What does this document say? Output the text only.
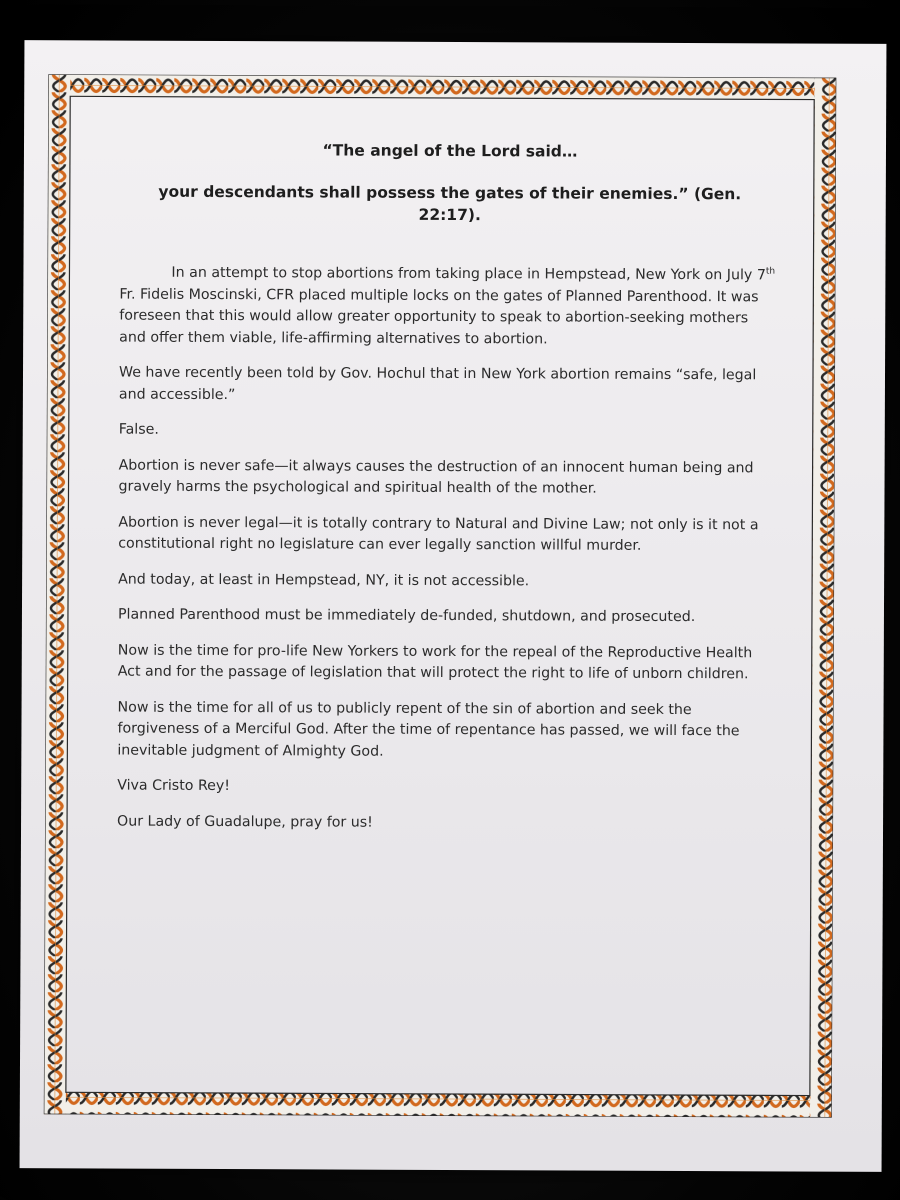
“The angel of the Lord said…
your descendants shall possess the gates of their enemies.” (Gen. 22:17).

In an attempt to stop abortions from taking place in Hempstead, New York on July 7th Fr. Fidelis Moscinski, CFR placed multiple locks on the gates of Planned Parenthood. It was foreseen that this would allow greater opportunity to speak to abortion-seeking mothers and offer them viable, life-affirming alternatives to abortion.

We have recently been told by Gov. Hochul that in New York abortion remains “safe, legal and accessible.”

False.

Abortion is never safe—it always causes the destruction of an innocent human being and gravely harms the psychological and spiritual health of the mother.

Abortion is never legal—it is totally contrary to Natural and Divine Law; not only is it not a constitutional right no legislature can ever legally sanction willful murder.

And today, at least in Hempstead, NY, it is not accessible.

Planned Parenthood must be immediately de-funded, shutdown, and prosecuted.

Now is the time for pro-life New Yorkers to work for the repeal of the Reproductive Health Act and for the passage of legislation that will protect the right to life of unborn children.

Now is the time for all of us to publicly repent of the sin of abortion and seek the forgiveness of a Merciful God. After the time of repentance has passed, we will face the inevitable judgment of Almighty God.

Viva Cristo Rey!

Our Lady of Guadalupe, pray for us!
